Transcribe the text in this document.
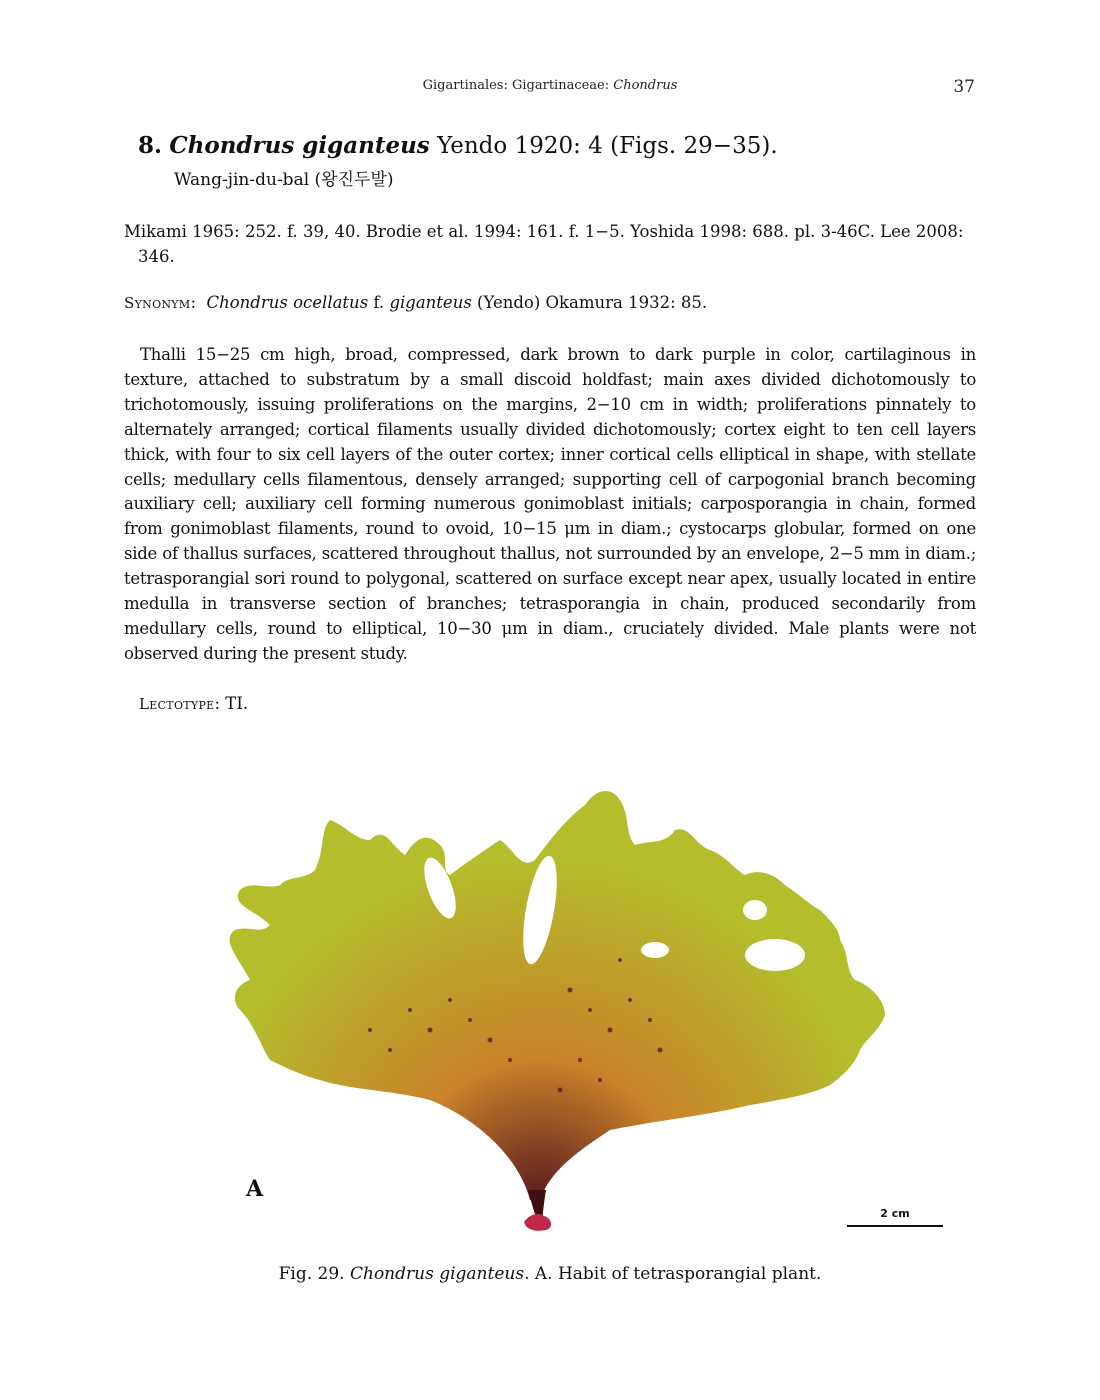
Gigartinales: Gigartinaceae: Chondrus	37
8. Chondrus giganteus Yendo 1920: 4 (Figs. 29−35).
Wang-jin-du-bal (왕진두발)
Mikami 1965: 252. f. 39, 40. Brodie et al. 1994: 161. f. 1−5. Yoshida 1998: 688. pl. 3-46C. Lee 2008:
346.
Synonym: Chondrus ocellatus f. giganteus (Yendo) Okamura 1932: 85.

Thalli 15−25 cm high, broad, compressed, dark brown to dark purple in color, cartilaginous in texture, attached to substratum by a small discoid holdfast; main axes divided dichotomously to trichotomously, issuing proliferations on the margins, 2−10 cm in width; proliferations pinnately to alternately arranged; cortical filaments usually divided dichotomously; cortex eight to ten cell layers thick, with four to six cell layers of the outer cortex; inner cortical cells elliptical in shape, with stellate cells; medullary cells filamentous, densely arranged; supporting cell of carpogonial branch becoming auxiliary cell; auxiliary cell forming numerous gonimoblast initials; carposporangia in chain, formed from gonimoblast filaments, round to ovoid, 10−15 μm in diam.; cystocarps globular, formed on one side of thallus surfaces, scattered throughout thallus, not surrounded by an envelope, 2−5 mm in diam.; tetrasporangial sori round to polygonal, scattered on surface except near apex, usually located in entire medulla in transverse section of branches; tetrasporangia in chain, produced secondarily from medullary cells, round to elliptical, 10−30 μm in diam., cruciately divided. Male plants were not observed during the present study.

Lectotype: TI.
A
2 cm
Fig. 29. Chondrus giganteus. A. Habit of tetrasporangial plant.
